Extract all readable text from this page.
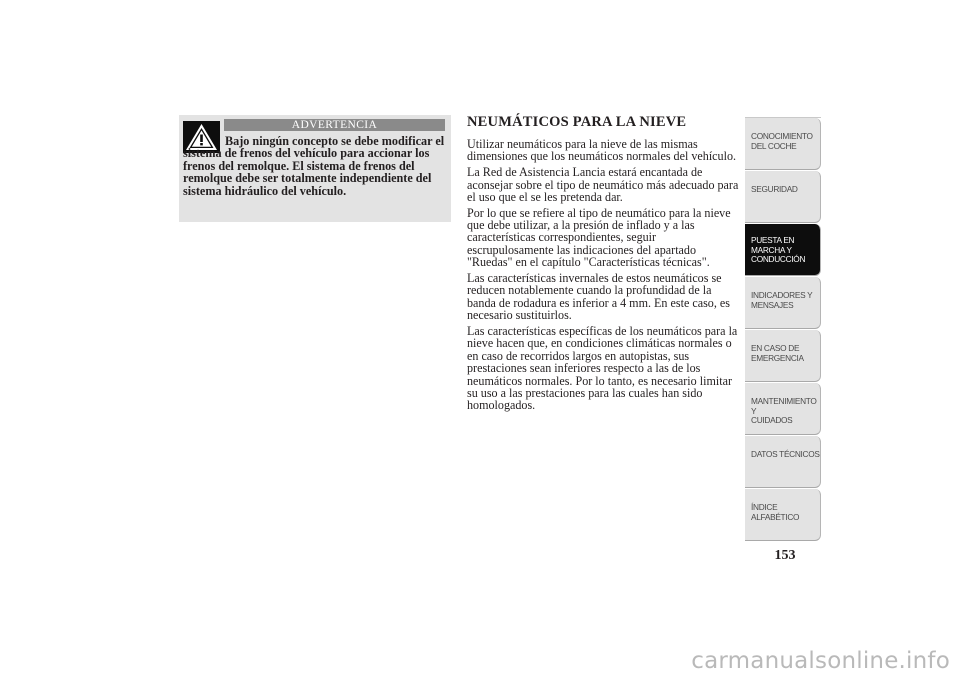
ADVERTENCIA
Bajo ningún concepto se debe modificar el sistema de frenos del vehículo para accionar los frenos del remolque. El sistema de frenos del remolque debe ser totalmente independiente del sistema hidráulico del vehículo.
NEUMÁTICOS PARA LA NIEVE

Utilizar neumáticos para la nieve de las mismas dimensiones que los neumáticos normales del vehículo.

La Red de Asistencia Lancia estará encantada de aconsejar sobre el tipo de neumático más adecuado para el uso que el se les pretenda dar.

Por lo que se refiere al tipo de neumático para la nieve que debe utilizar, a la presión de inflado y a las características correspondientes, seguir escrupulosamente las indicaciones del apartado "Ruedas" en el capítulo "Características técnicas".

Las características invernales de estos neumáticos se reducen notablemente cuando la profundidad de la banda de rodadura es inferior a 4 mm. En este caso, es necesario sustituirlos.

Las características específicas de los neumáticos para la nieve hacen que, en condiciones climáticas normales o en caso de recorridos largos en autopistas, sus prestaciones sean inferiores respecto a las de los neumáticos normales. Por lo tanto, es necesario limitar su uso a las prestaciones para las cuales han sido homologados.

CONOCIMIENTO
DEL COCHE
SEGURIDAD
PUESTA EN
MARCHA Y
CONDUCCIÓN
INDICADORES Y
MENSAJES
EN CASO DE
EMERGENCIA
MANTENIMIENTO Y
CUIDADOS
DATOS TÉCNICOS
ÍNDICE
ALFABÉTICO
153
carmanualsonline.info
